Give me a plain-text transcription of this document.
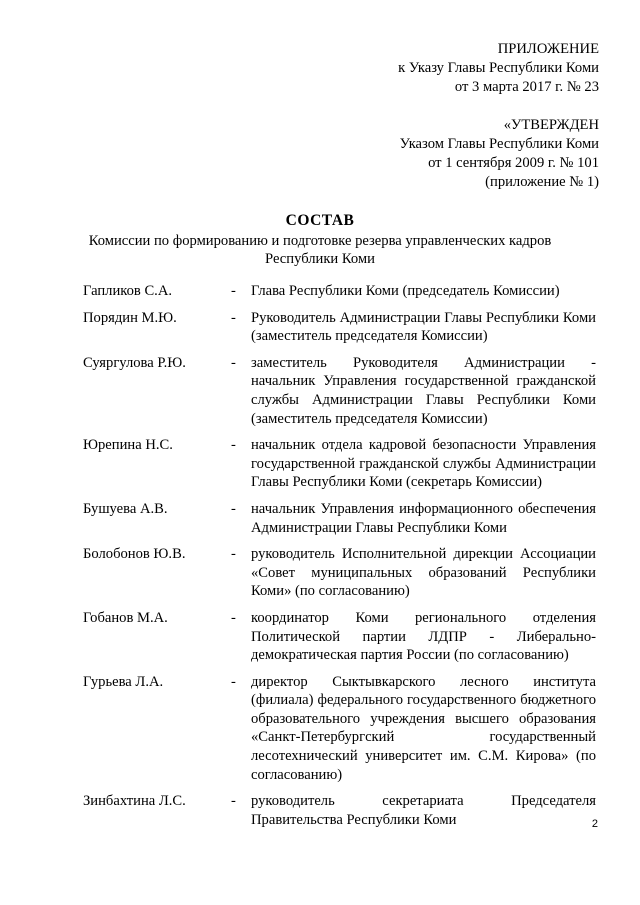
ПРИЛОЖЕНИЕ
к Указу Главы Республики Коми
от 3 марта 2017 г. № 23
«УТВЕРЖДЕН
Указом Главы Республики Коми
от 1 сентября 2009 г. № 101
(приложение № 1)
СОСТАВ
Комиссии по формированию и подготовке резерва управленческих кадров Республики Коми
Гапликов С.А.	-	Глава Республики Коми (председатель Комиссии)
Порядин М.Ю.	-	Руководитель Администрации Главы Республики Коми (заместитель председателя Комиссии)
Суяргулова Р.Ю.	-	заместитель Руководителя Администрации - начальник Управления государственной гражданской службы Администрации Главы Республики Коми (заместитель председателя Комиссии)
Юрепина Н.С.	-	начальник отдела кадровой безопасности Управления государственной гражданской службы Администрации Главы Республики Коми (секретарь Комиссии)
Бушуева А.В.	-	начальник Управления информационного обеспечения Администрации Главы Республики Коми
Болобонов Ю.В.	-	руководитель Исполнительной дирекции Ассоциации «Совет муниципальных образований Республики Коми» (по согласованию)
Гобанов М.А.	-	координатор Коми регионального отделения Политической партии ЛДПР - Либерально-демократическая партия России (по согласованию)
Гурьева Л.А.	-	директор Сыктывкарского лесного института (филиала) федерального государственного бюджетного образовательного учреждения высшего образования «Санкт-Петербургский государственный лесотехнический университет им. С.М. Кирова» (по согласованию)
Зинбахтина Л.С.	-	руководитель секретариата Председателя Правительства Республики Коми	2
